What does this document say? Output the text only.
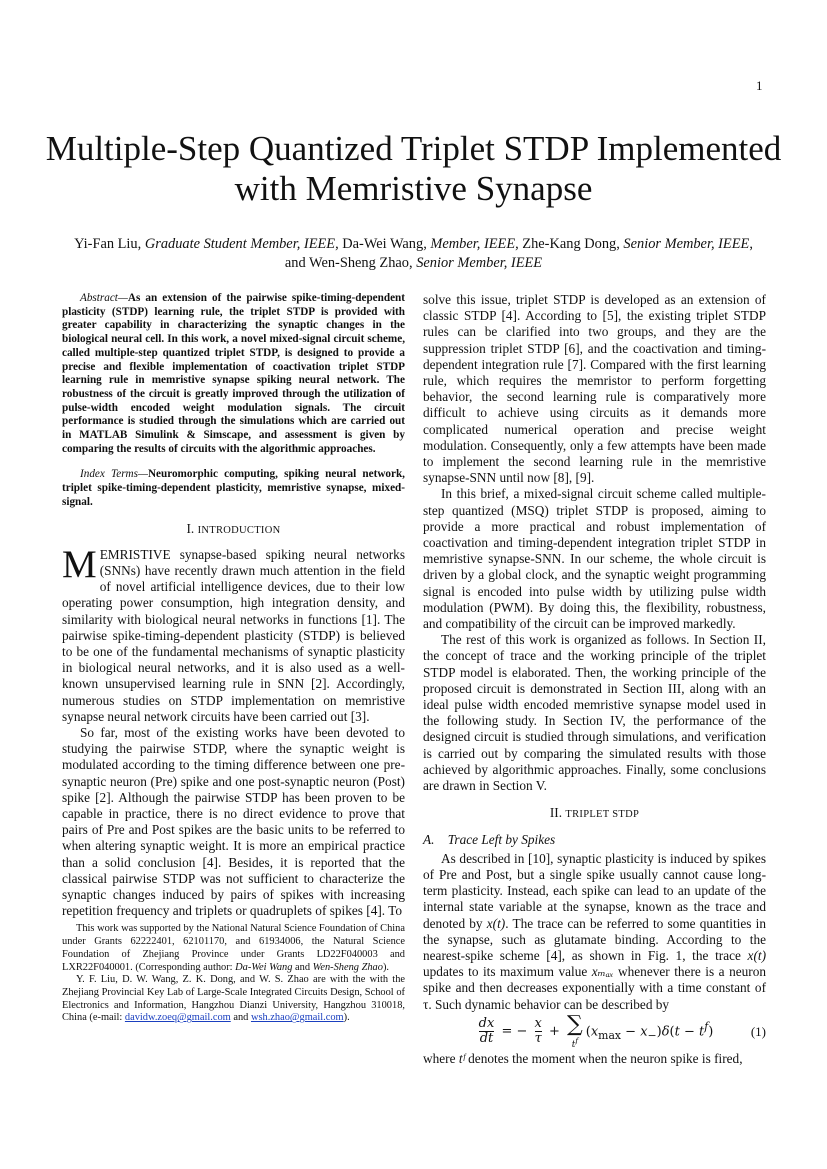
1
Multiple-Step Quantized Triplet STDP Implemented with Memristive Synapse

Yi-Fan Liu, Graduate Student Member, IEEE, Da-Wei Wang, Member, IEEE, Zhe-Kang Dong, Senior Member, IEEE, and Wen-Sheng Zhao, Senior Member, IEEE

Abstract—As an extension of the pairwise spike-timing-dependent plasticity (STDP) learning rule, the triplet STDP is provided with greater capability in characterizing the synaptic changes in the biological neural cell. In this work, a novel mixed-signal circuit scheme, called multiple-step quantized triplet STDP, is designed to provide a precise and flexible implementation of coactivation triplet STDP learning rule in memristive synapse spiking neural network. The robustness of the circuit is greatly improved through the utilization of pulse-width encoded weight modulation signals. The circuit performance is studied through the simulations which are carried out in MATLAB Simulink & Simscape, and assessment is given by comparing the results of circuits with the algorithmic approaches.

Index Terms—Neuromorphic computing, spiking neural network, triplet spike-timing-dependent plasticity, memristive synapse, mixed-signal.

I. INTRODUCTION

MEMRISTIVE synapse-based spiking neural networks (SNNs) have recently drawn much attention in the field of novel artificial intelligence devices, due to their low operating power consumption, high integration density, and similarity with biological neural networks in functions [1]. The pairwise spike-timing-dependent plasticity (STDP) is believed to be one of the fundamental mechanisms of synaptic plasticity in biological neural networks, and it is also used as a well-known unsupervised learning rule in SNN [2]. Accordingly, numerous studies on STDP implementation on memristive synapse neural network circuits have been carried out [3].

So far, most of the existing works have been devoted to studying the pairwise STDP, where the synaptic weight is modulated according to the timing difference between one pre-synaptic neuron (Pre) spike and one post-synaptic neuron (Post) spike [2]. Although the pairwise STDP has been proven to be capable in practice, there is no direct evidence to prove that pairs of Pre and Post spikes are the basic units to be referred to when altering synaptic weight. It is more an empirical practice than a solid conclusion [4]. Besides, it is reported that the classical pairwise STDP was not sufficient to characterize the synaptic changes induced by pairs of spikes with increasing repetition frequency and triplets or quadruplets of spikes [4]. To

This work was supported by the National Natural Science Foundation of China under Grants 62222401, 62101170, and 61934006, the Natural Science Foundation of Zhejiang Province under Grants LD22F040003 and LXR22F040001. (Corresponding author: Da-Wei Wang and Wen-Sheng Zhao).

Y. F. Liu, D. W. Wang, Z. K. Dong, and W. S. Zhao are with the with the Zhejiang Provincial Key Lab of Large-Scale Integrated Circuits Design, School of Electronics and Information, Hangzhou Dianzi University, Hangzhou 310018, China (e-mail: davidw.zoeq@gmail.com and wsh.zhao@gmail.com).

solve this issue, triplet STDP is developed as an extension of classic STDP [4]. According to [5], the existing triplet STDP rules can be clarified into two groups, and they are the suppression triplet STDP [6], and the coactivation and timing-dependent integration rule [7]. Compared with the first learning rule, which requires the memristor to perform forgetting behavior, the second learning rule is comparatively more difficult to achieve using circuits as it demands more complicated numerical operation and precise weight modulation. Consequently, only a few attempts have been made to implement the second learning rule in the memristive synapse-SNN until now [8], [9].

In this brief, a mixed-signal circuit scheme called multiple-step quantized (MSQ) triplet STDP is proposed, aiming to provide a more practical and robust implementation of coactivation and timing-dependent integration triplet STDP in memristive synapse-SNN. In our scheme, the whole circuit is driven by a global clock, and the synaptic weight programming signal is encoded into pulse width by utilizing pulse width modulation (PWM). By doing this, the flexibility, robustness, and compatibility of the circuit can be improved markedly.

The rest of this work is organized as follows. In Section II, the concept of trace and the working principle of the triplet STDP model is elaborated. Then, the working principle of the proposed circuit is demonstrated in Section III, along with an ideal pulse width encoded memristive synapse model used in the following study. In Section IV, the performance of the designed circuit is studied through simulations, and verification is carried out by comparing the simulated results with those achieved by algorithmic approaches. Finally, some conclusions are drawn in Section V.

II. TRIPLET STDP

A. Trace Left by Spikes

As described in [10], synaptic plasticity is induced by spikes of Pre and Post, but a single spike usually cannot cause long-term plasticity. Instead, each spike can lead to an update of the internal state variable at the synapse, known as the trace and denoted by x(t). The trace can be referred to some quantities in the synapse, such as glutamate binding. According to the nearest-spike scheme [4], as shown in Fig. 1, the trace x(t) updates to its maximum value xₘₐₓ whenever there is a neuron spike and then decreases exponentially with a time constant of τ. Such dynamic behavior can be described by

$\frac{dx}{dt}$ = − $\frac{x}{\tau}$ + ∑
$t^f$
$(x_{max} - x_-)\delta(t - t^f)$	(1)

where tᶠ denotes the moment when the neuron spike is fired,
